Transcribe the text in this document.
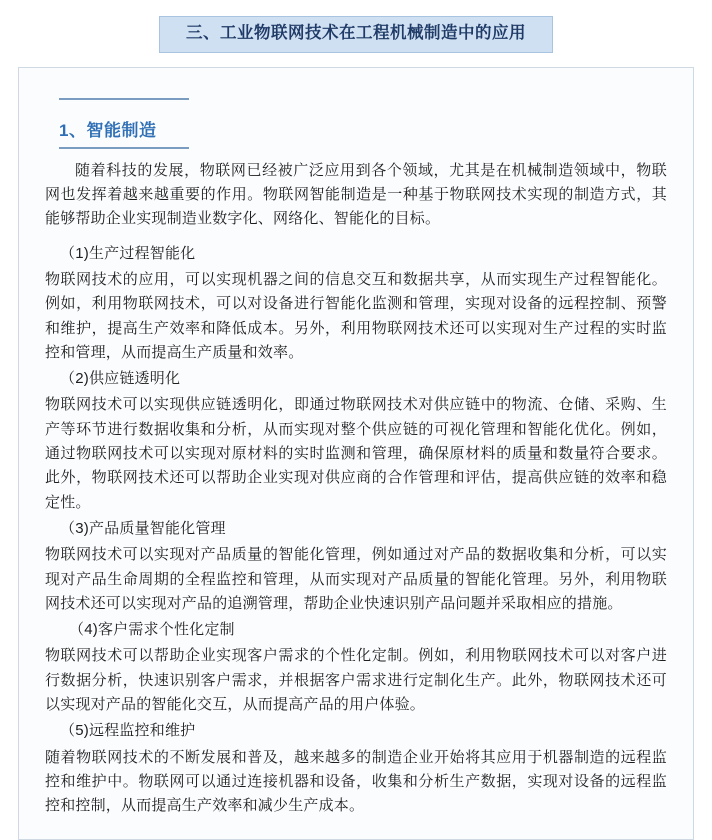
三、工业物联网技术在工程机械制造中的应用
1、智能制造

随着科技的发展，物联网已经被广泛应用到各个领域，尤其是在机械制造领域中，物联网也发挥着越来越重要的作用。物联网智能制造是一种基于物联网技术实现的制造方式，其能够帮助企业实现制造业数字化、网络化、智能化的目标。

（1)生产过程智能化

物联网技术的应用，可以实现机器之间的信息交互和数据共享，从而实现生产过程智能化。例如，利用物联网技术，可以对设备进行智能化监测和管理，实现对设备的远程控制、预警和维护，提高生产效率和降低成本。另外，利用物联网技术还可以实现对生产过程的实时监控和管理，从而提高生产质量和效率。

（2)供应链透明化

物联网技术可以实现供应链透明化，即通过物联网技术对供应链中的物流、仓储、采购、生产等环节进行数据收集和分析，从而实现对整个供应链的可视化管理和智能化优化。例如，通过物联网技术可以实现对原材料的实时监测和管理，确保原材料的质量和数量符合要求。此外，物联网技术还可以帮助企业实现对供应商的合作管理和评估，提高供应链的效率和稳定性。

（3)产品质量智能化管理

物联网技术可以实现对产品质量的智能化管理，例如通过对产品的数据收集和分析，可以实现对产品生命周期的全程监控和管理，从而实现对产品质量的智能化管理。另外，利用物联网技术还可以实现对产品的追溯管理，帮助企业快速识别产品问题并采取相应的措施。

（4)客户需求个性化定制

物联网技术可以帮助企业实现客户需求的个性化定制。例如，利用物联网技术可以对客户进行数据分析，快速识别客户需求，并根据客户需求进行定制化生产。此外，物联网技术还可以实现对产品的智能化交互，从而提高产品的用户体验。

（5)远程监控和维护

随着物联网技术的不断发展和普及，越来越多的制造企业开始将其应用于机器制造的远程监控和维护中。物联网可以通过连接机器和设备，收集和分析生产数据，实现对设备的远程监控和控制，从而提高生产效率和减少生产成本。
